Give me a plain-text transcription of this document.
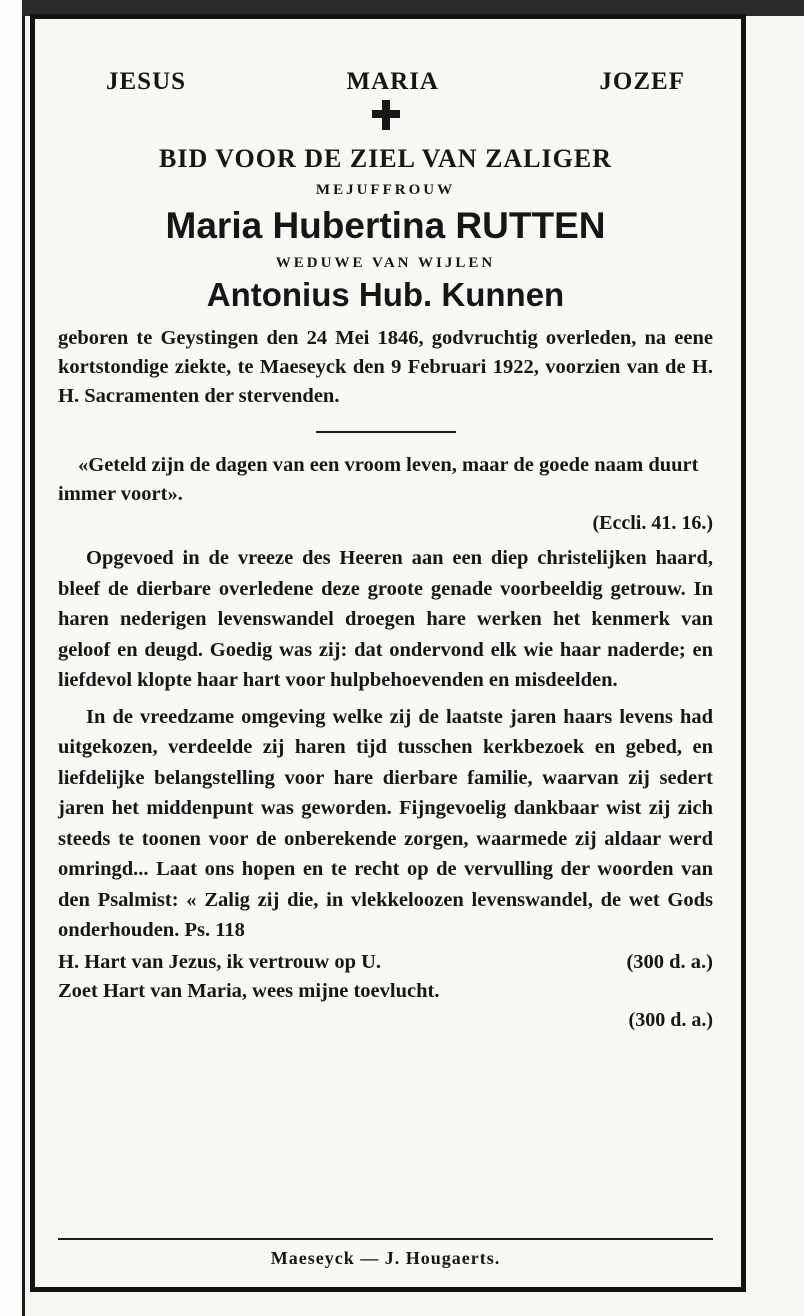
JESUS	MARIA	JOZEF
BID VOOR DE ZIEL VAN ZALIGER
MEJUFFROUW
Maria Hubertina RUTTEN
WEDUWE VAN WIJLEN
Antonius Hub. Kunnen
geboren te Geystingen den 24 Mei 1846, godvruchtig overleden, na eene kortstondige ziekte, te Maeseyck den 9 Februari 1922, voorzien van de H. H. Sacramenten der stervenden.
«Geteld zijn de dagen van een vroom leven, maar de goede naam duurt immer voort».
(Eccli. 41. 16.)
Opgevoed in de vreeze des Heeren aan een diep christelijken haard, bleef de dierbare overledene deze groote genade voorbeeldig getrouw. In haren nederigen levenswandel droegen hare werken het kenmerk van geloof en deugd. Goedig was zij: dat ondervond elk wie haar naderde; en liefdevol klopte haar hart voor hulpbehoevenden en misdeelden.
In de vreedzame omgeving welke zij de laatste jaren haars levens had uitgekozen, verdeelde zij haren tijd tusschen kerkbezoek en gebed, en liefdelijke belangstelling voor hare dierbare familie, waarvan zij sedert jaren het middenpunt was geworden. Fijngevoelig dankbaar wist zij zich steeds te toonen voor de onberekende zorgen, waarmede zij aldaar werd omringd... Laat ons hopen en te recht op de vervulling der woorden van den Psalmist: « Zalig zij die, in vlekkeloozen levenswandel, de wet Gods onderhouden. Ps. 118
H. Hart van Jezus, ik vertrouw op U.	(300 d. a.)
Zoet Hart van Maria, wees mijne toevlucht.
(300 d. a.)
Maeseyck — J. Hougaerts.
